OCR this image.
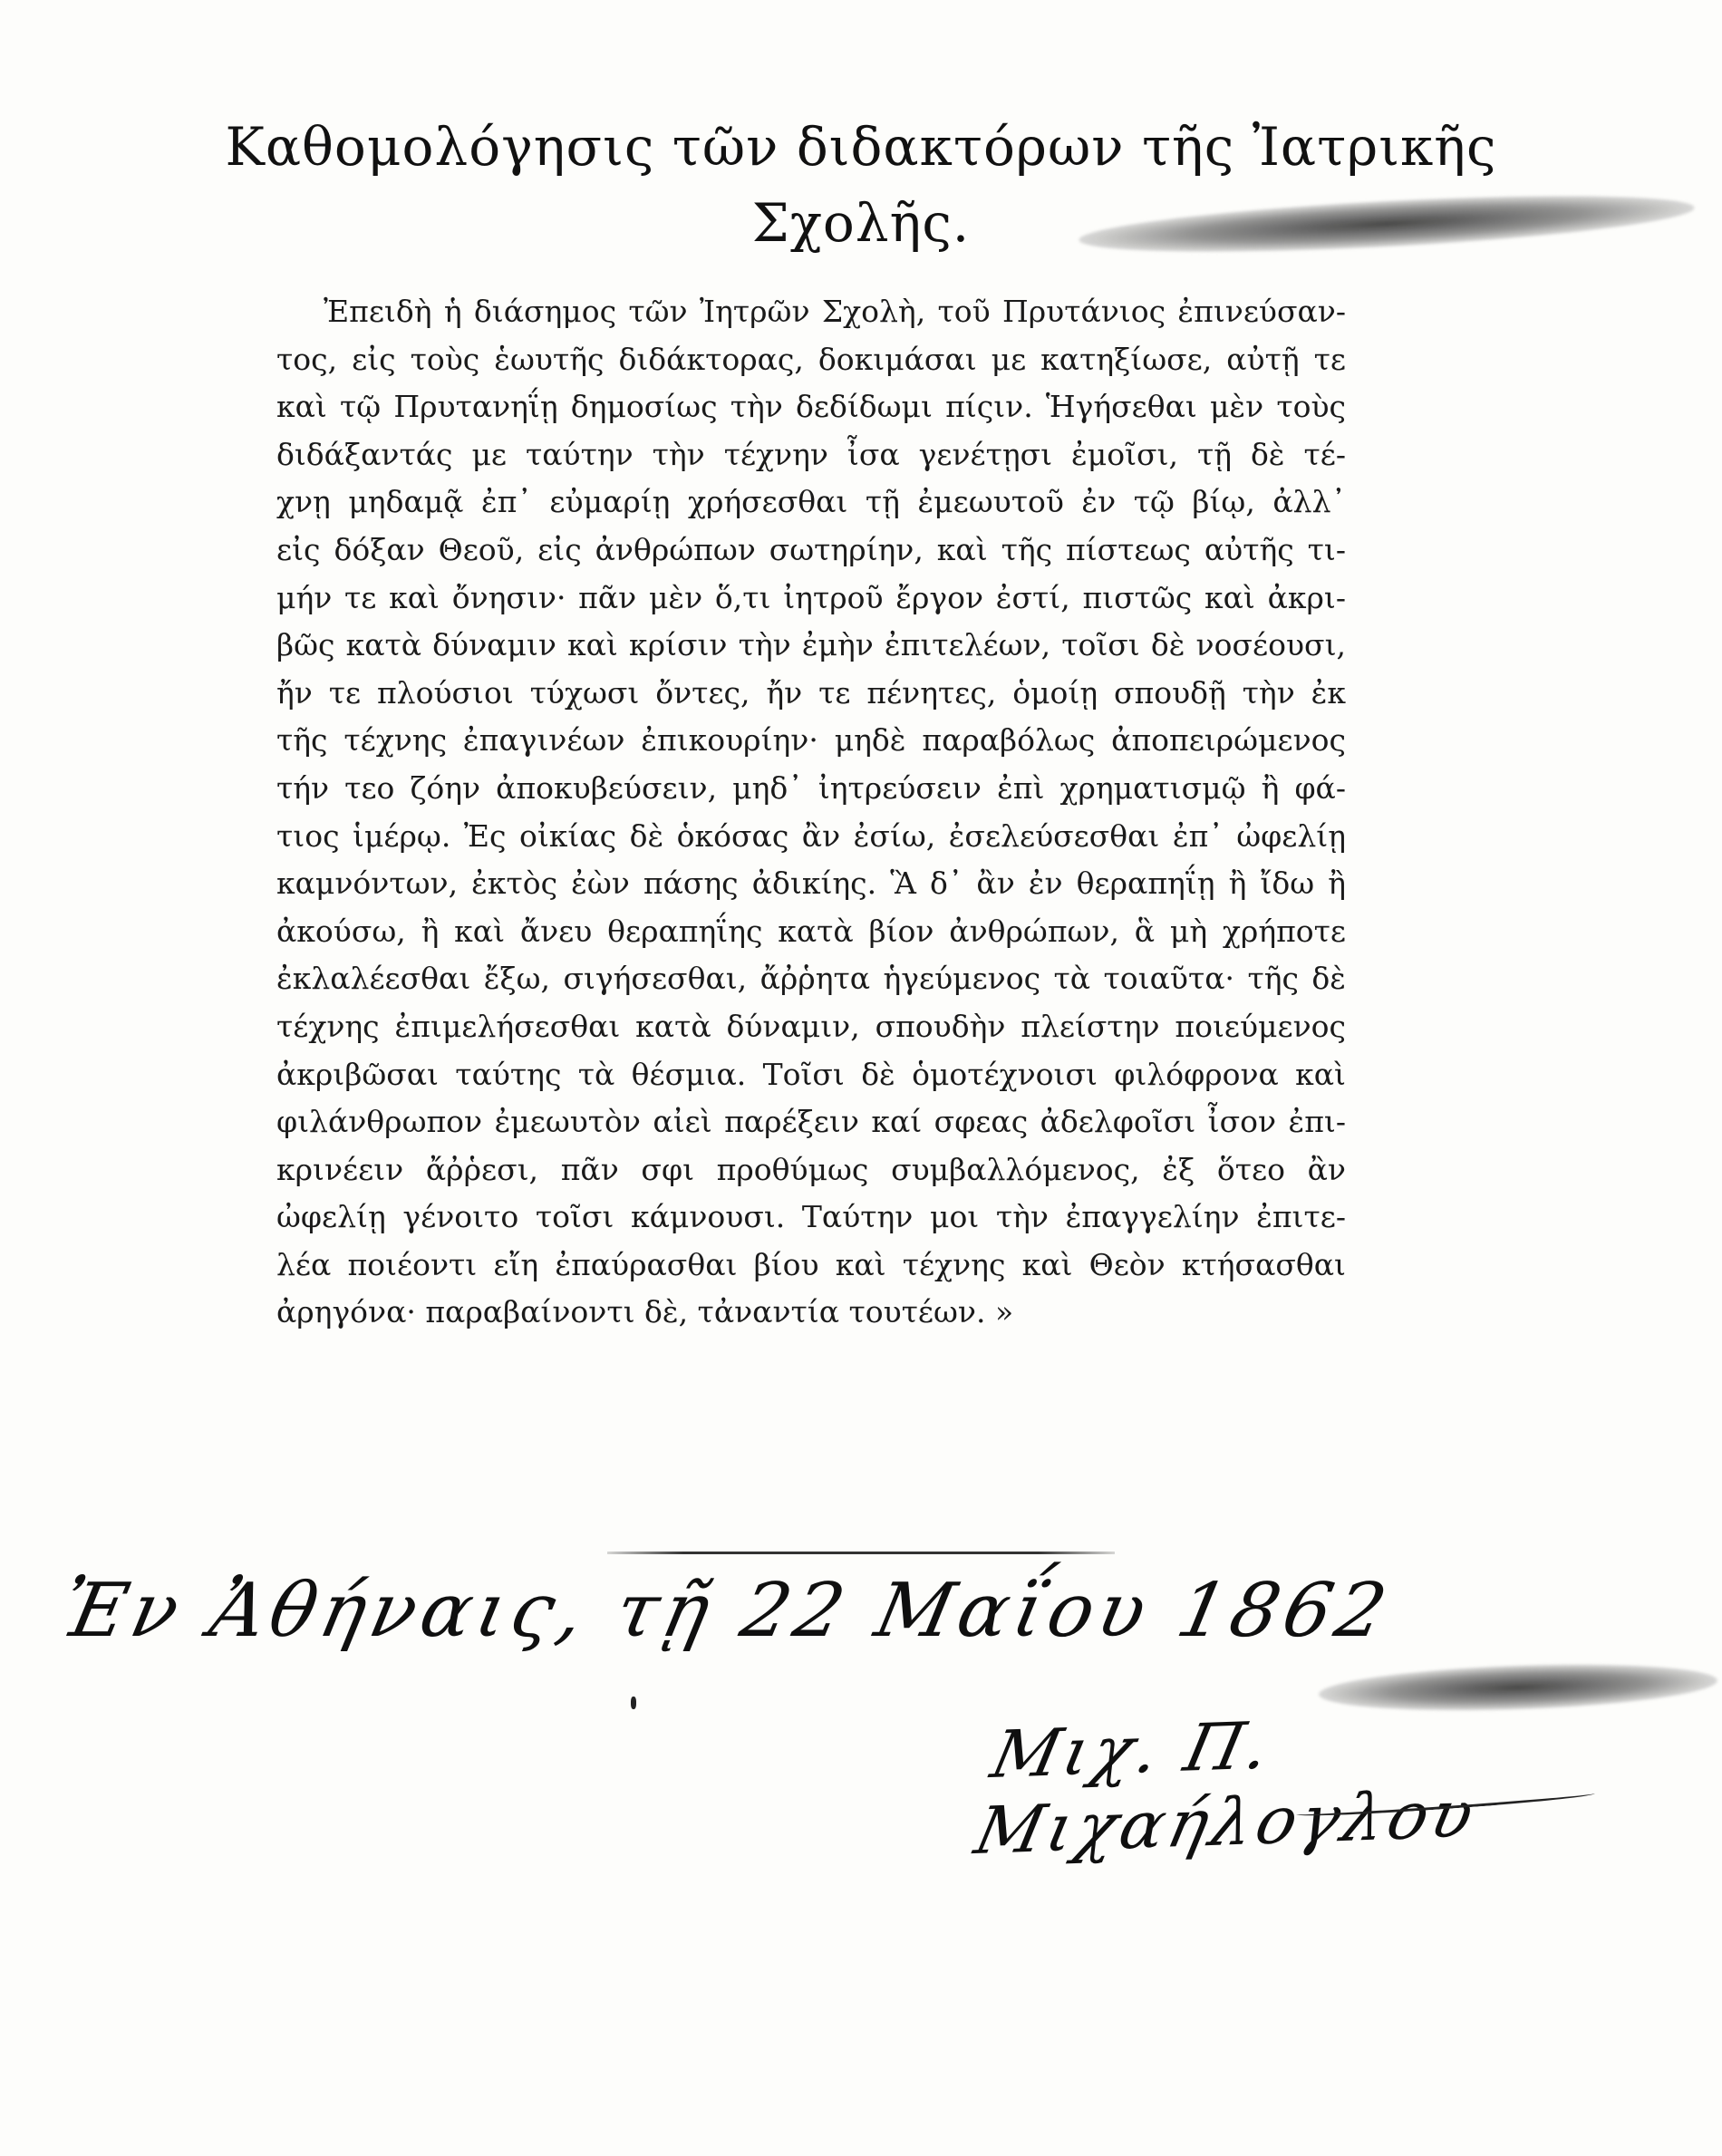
Καθομολόγησις τῶν διδακτόρων τῆς Ἰατρικῆς
Σχολῆς.
Ἐπειδὴ ἡ διάσημος τῶν Ἰητρῶν Σχολὴ, τοῦ Πρυτάνιος ἐπινεύσαν-
τος, εἰς τοὺς ἑωυτῆς διδάκτορας, δοκιμάσαι με κατηξίωσε, αὐτῇ τε
καὶ τῷ Πρυτανηΐῃ δημοσίως τὴν δεδίδωμι πίςιν. Ἡγήσεθαι μὲν τοὺς
διδάξαντάς με ταύτην τὴν τέχνην ἶσα γενέτῃσι ἐμοῖσι, τῇ δὲ τέ-
χνῃ μηδαμᾷ ἐπ᾽ εὐμαρίῃ χρήσεσθαι τῇ ἐμεωυτοῦ ἐν τῷ βίῳ, ἀλλ᾽
εἰς δόξαν Θεοῦ, εἰς ἀνθρώπων σωτηρίην, καὶ τῆς πίστεως αὐτῆς τι-
μήν τε καὶ ὄνησιν· πᾶν μὲν ὅ,τι ἰητροῦ ἔργον ἐστί, πιστῶς καὶ ἀκρι-
βῶς κατὰ δύναμιν καὶ κρίσιν τὴν ἐμὴν ἐπιτελέων, τοῖσι δὲ νοσέουσι,
ἤν τε πλούσιοι τύχωσι ὄντες, ἤν τε πένητες, ὁμοίῃ σπουδῇ τὴν ἐκ
τῆς τέχνης ἐπαγινέων ἐπικουρίην· μηδὲ παραβόλως ἀποπειρώμενος
τήν τεο ζόην ἀποκυβεύσειν, μηδ᾽ ἰητρεύσειν ἐπὶ χρηματισμῷ ἢ φά-
τιος ἱμέρῳ. Ἐς οἰκίας δὲ ὁκόσας ἂν ἐσίω, ἐσελεύσεσθαι ἐπ᾽ ὠφελίῃ
καμνόντων, ἐκτὸς ἐὼν πάσης ἀδικίης. Ἃ δ᾽ ἂν ἐν θεραπηΐῃ ἢ ἴδω ἢ
ἀκούσω, ἢ καὶ ἄνευ θεραπηΐης κατὰ βίον ἀνθρώπων, ἃ μὴ χρήποτε
ἐκλαλέεσθαι ἔξω, σιγήσεσθαι, ἄῤῥητα ἡγεύμενος τὰ τοιαῦτα· τῆς δὲ
τέχνης ἐπιμελήσεσθαι κατὰ δύναμιν, σπουδὴν πλείστην ποιεύμενος
ἀκριβῶσαι ταύτης τὰ θέσμια. Τοῖσι δὲ ὁμοτέχνοισι φιλόφρονα καὶ
φιλάνθρωπον ἐμεωυτὸν αἰεὶ παρέξειν καί σφεας ἀδελφοῖσι ἶσον ἐπι-
κρινέειν ἄῤῥεσι, πᾶν σφι προθύμως συμβαλλόμενος, ἐξ ὅτεο ἂν
ὠφελίῃ γένοιτο τοῖσι κάμνουσι. Ταύτην μοι τὴν ἐπαγγελίην ἐπιτε-
λέα ποιέοντι εἴη ἐπαύρασθαι βίου καὶ τέχνης καὶ Θεὸν κτήσασθαι
ἀρηγόνα· παραβαίνοντι δὲ, τἀναντία τουτέων. »
Ἐν Ἀθήναις, τῇ 22 Μαΐου 1862
Μιχ. Π. Μιχαήλογλου
